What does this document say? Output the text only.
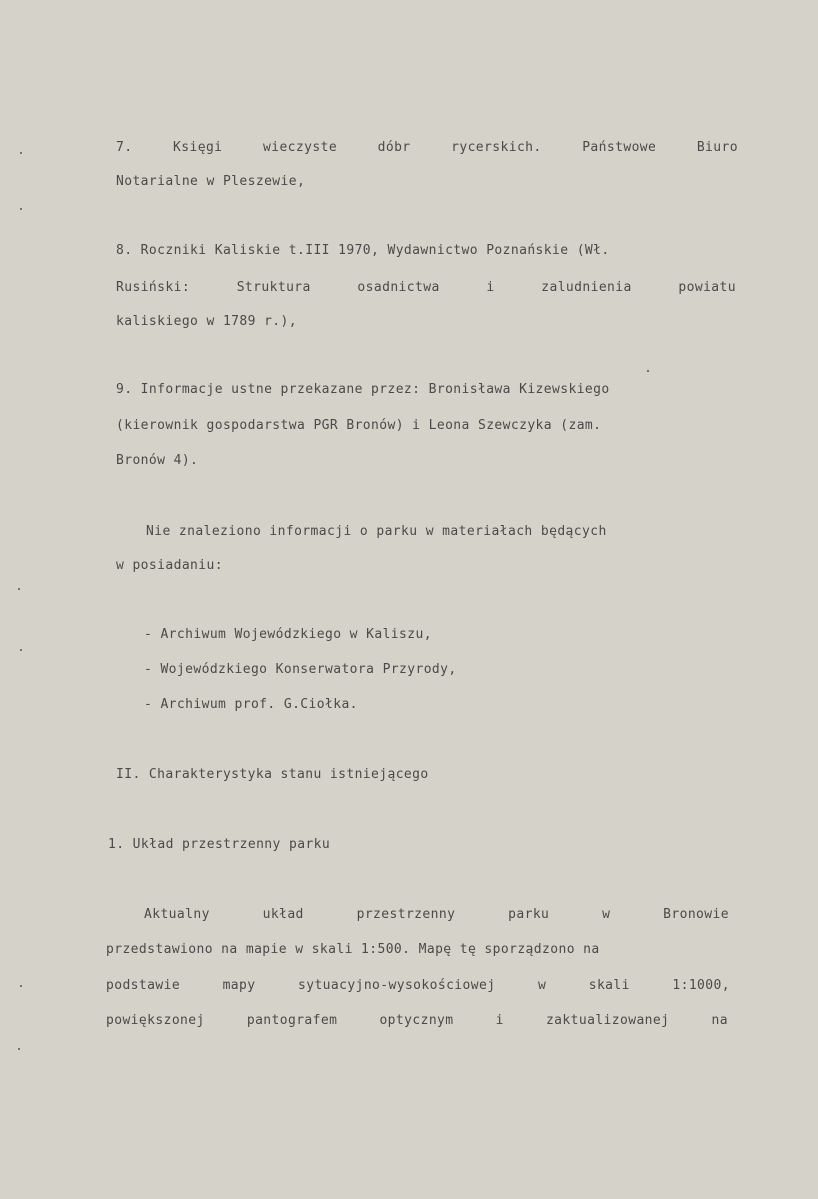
7.	Księgi	wieczyste	dóbr	rycerskich.	Państwowe	Biuro
Notarialne w Pleszewie,
8. Roczniki Kaliskie t.III 1970, Wydawnictwo Poznańskie (Wł.
Rusiński:	Struktura	osadnictwa	i	zaludnienia	powiatu
kaliskiego w 1789 r.),
9. Informacje ustne przekazane przez: Bronisława Kizewskiego
(kierownik gospodarstwa PGR Bronów) i Leona Szewczyka (zam.
Bronów 4).
Nie znaleziono informacji o parku w materiałach będących
w posiadaniu:
- Archiwum Wojewódzkiego w Kaliszu,
- Wojewódzkiego Konserwatora Przyrody,
- Archiwum prof. G.Ciołka.
II. Charakterystyka stanu istniejącego
1. Układ przestrzenny parku
Aktualny	układ	przestrzenny	parku	w	Bronowie
przedstawiono na mapie w skali 1:500. Mapę tę sporządzono na
podstawie	mapy	sytuacyjno-wysokościowej	w	skali	1:1000,
powiększonej	pantografem	optycznym	i	zaktualizowanej	na
